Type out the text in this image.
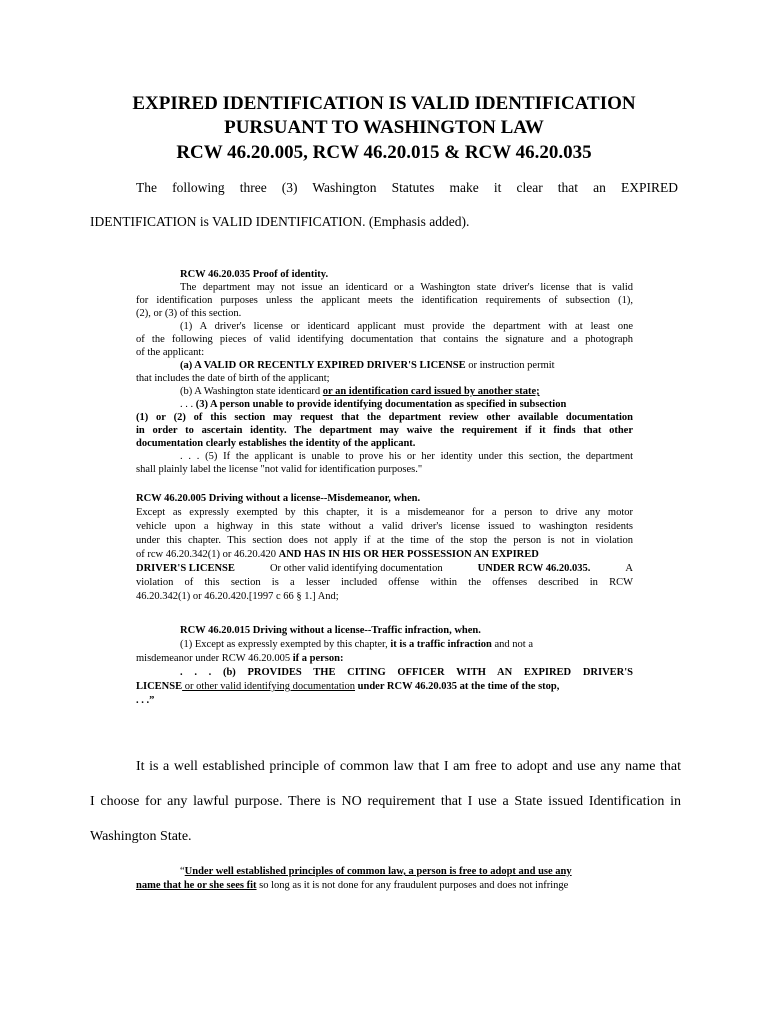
EXPIRED IDENTIFICATION IS VALID IDENTIFICATION
PURSUANT TO WASHINGTON LAW
RCW 46.20.005, RCW 46.20.015 & RCW 46.20.035
The following three (3) Washington Statutes make it clear that an EXPIRED
IDENTIFICATION is VALID IDENTIFICATION. (Emphasis added).
RCW 46.20.035 Proof of identity.
The department may not issue an identicard or a Washington state driver's license that is valid
for identification purposes unless the applicant meets the identification requirements of subsection (1),
(2), or (3) of this section.
(1) A driver's license or identicard applicant must provide the department with at least one
of the following pieces of valid identifying documentation that contains the signature and a photograph
of the applicant:
(a) A VALID OR RECENTLY EXPIRED DRIVER'S LICENSE or instruction permit
that includes the date of birth of the applicant;
(b) A Washington state identicard or an identification card issued by another state;
. . . (3) A person unable to provide identifying documentation as specified in subsection
(1) or (2) of this section may request that the department review other available documentation
in order to ascertain identity. The department may waive the requirement if it finds that other
documentation clearly establishes the identity of the applicant.
. . . (5) If the applicant is unable to prove his or her identity under this section, the department
shall plainly label the license "not valid for identification purposes."
RCW 46.20.005 Driving without a license--Misdemeanor, when.
Except as expressly exempted by this chapter, it is a misdemeanor for a person to drive any motor
vehicle upon a highway in this state without a valid driver's license issued to washington residents
under this chapter. This section does not apply if at the time of the stop the person is not in violation
of rcw 46.20.342(1) or 46.20.420 AND HAS IN HIS OR HER POSSESSION AN EXPIRED
DRIVER'S LICENSE	Or other valid identifying documentation	UNDER RCW 46.20.035.	A
violation of this section is a lesser included offense within the offenses described in RCW
46.20.342(1) or 46.20.420.[1997 c 66 § 1.] And;
RCW 46.20.015 Driving without a license--Traffic infraction, when.
(1) Except as expressly exempted by this chapter, it is a traffic infraction and not a
misdemeanor under RCW 46.20.005 if a person:
. . . (b) PROVIDES THE CITING OFFICER WITH AN EXPIRED DRIVER'S
LICENSE or other valid identifying documentation under RCW 46.20.035 at the time of the stop,
. . .”
It is a well established principle of common law that I am free to adopt and use any name that
I choose for any lawful purpose. There is NO requirement that I use a State issued Identification in
Washington State.
“Under well established principles of common law, a person is free to adopt and use any
name that he or she sees fit so long as it is not done for any fraudulent purposes and does not infringe
